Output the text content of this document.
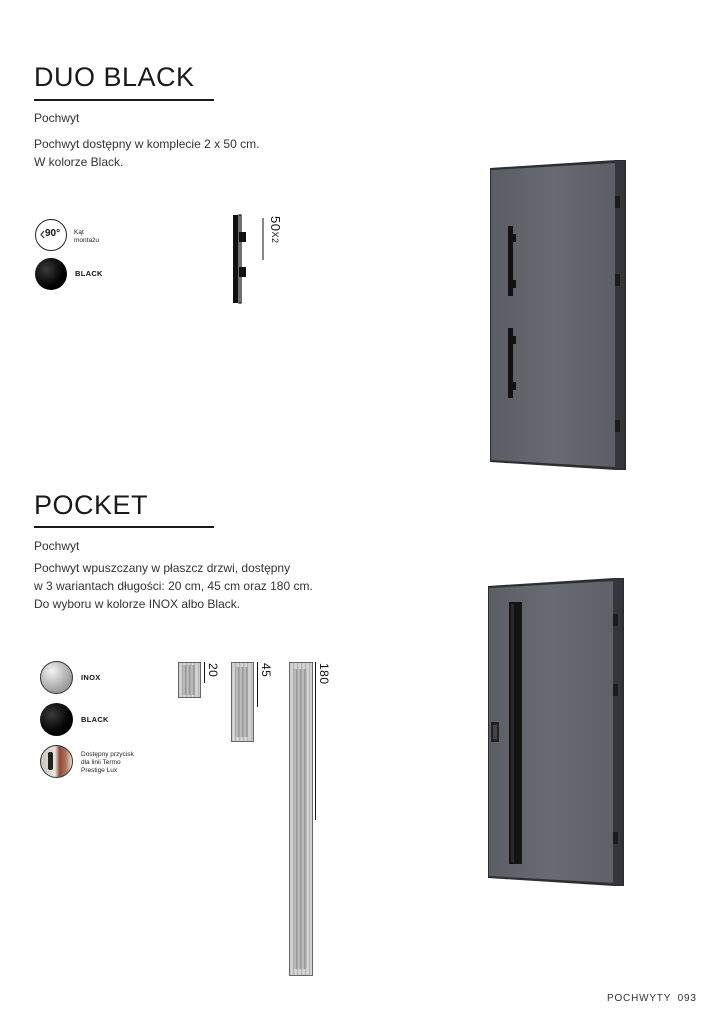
DUO BLACK
Pochwyt
Pochwyt dostępny w komplecie 2 x 50 cm.
W kolorze Black.
90° Kąt
montażu
BLACK
50X2
POCKET
Pochwyt
Pochwyt wpuszczany w płaszcz drzwi, dostępny
w 3 wariantach długości: 20 cm, 45 cm oraz 180 cm.
Do wyboru w kolorze INOX albo Black.
INOX
BLACK
Dostępny przycisk
dla linii Termo
Prestige Lux
20	45	180
POCHWYTY 093
